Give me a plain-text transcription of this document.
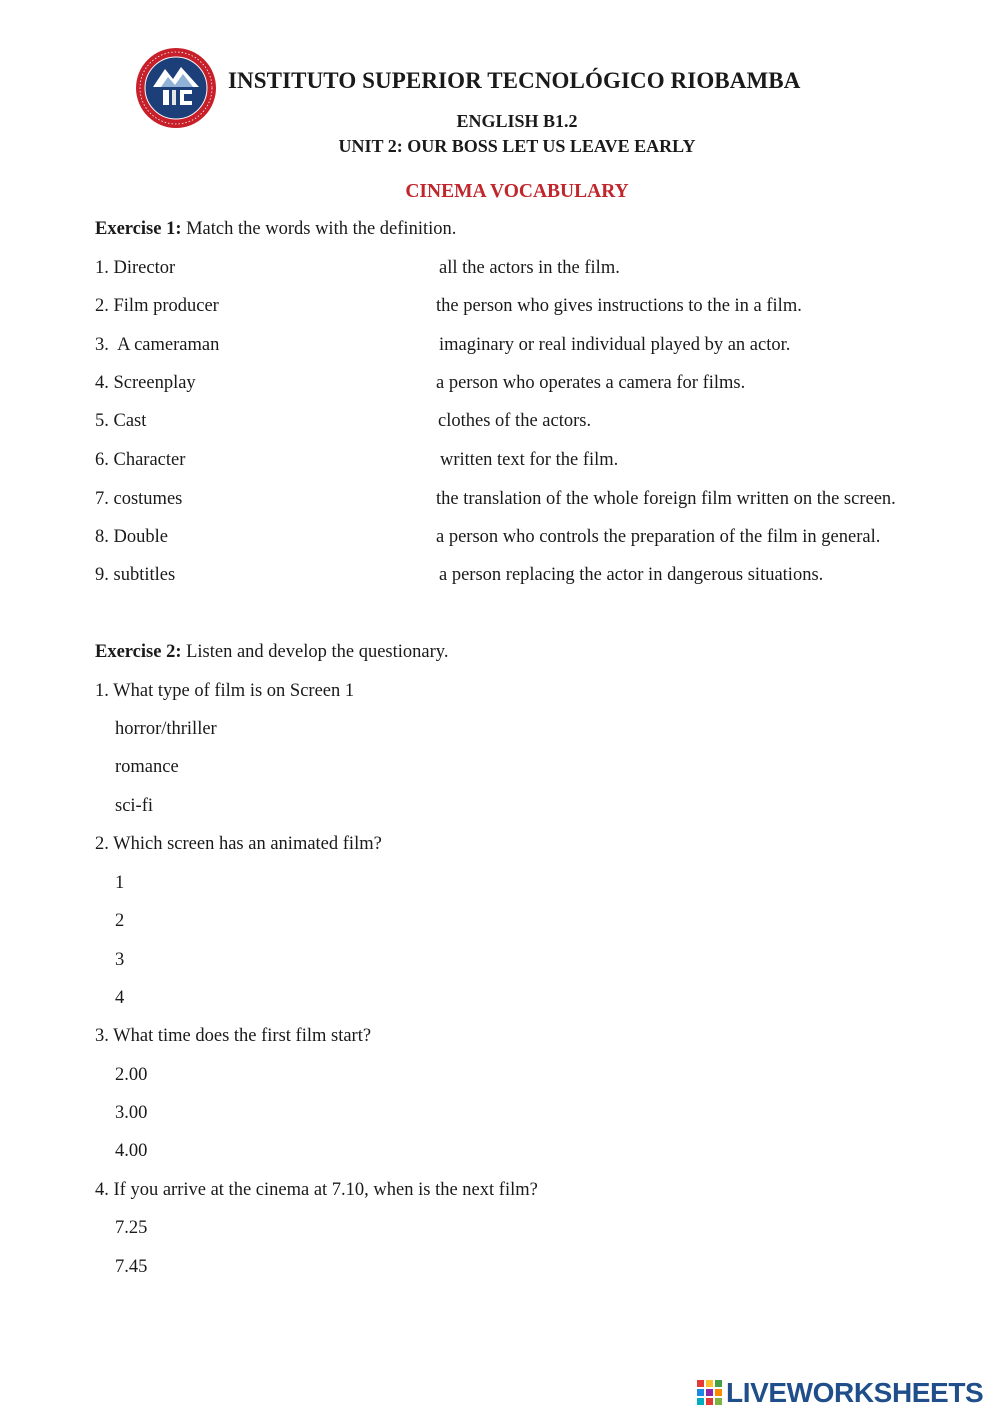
INSTITUTO SUPERIOR TECNOLÓGICO RIOBAMBA
ENGLISH B1.2
UNIT 2: OUR BOSS LET US LEAVE EARLY
CINEMA VOCABULARY
Exercise 1: Match the words with the definition.
1. Director
2. Film producer
3.  A cameraman
4. Screenplay
5. Cast
6. Character
7. costumes
8. Double
9. subtitles
all the actors in the film.
the person who gives instructions to the in a film.
imaginary or real individual played by an actor.
a person who operates a camera for films.
clothes of the actors.
written text for the film.
the translation of the whole foreign film written on the screen.
a person who controls the preparation of the film in general.
a person replacing the actor in dangerous situations.
Exercise 2: Listen and develop the questionary.
1. What type of film is on Screen 1
horror/thriller
romance
sci-fi
2. Which screen has an animated film?
1
2
3
4
3. What time does the first film start?
2.00
3.00
4.00
4. If you arrive at the cinema at 7.10, when is the next film?
7.25
7.45
LIVEWORKSHEETS
